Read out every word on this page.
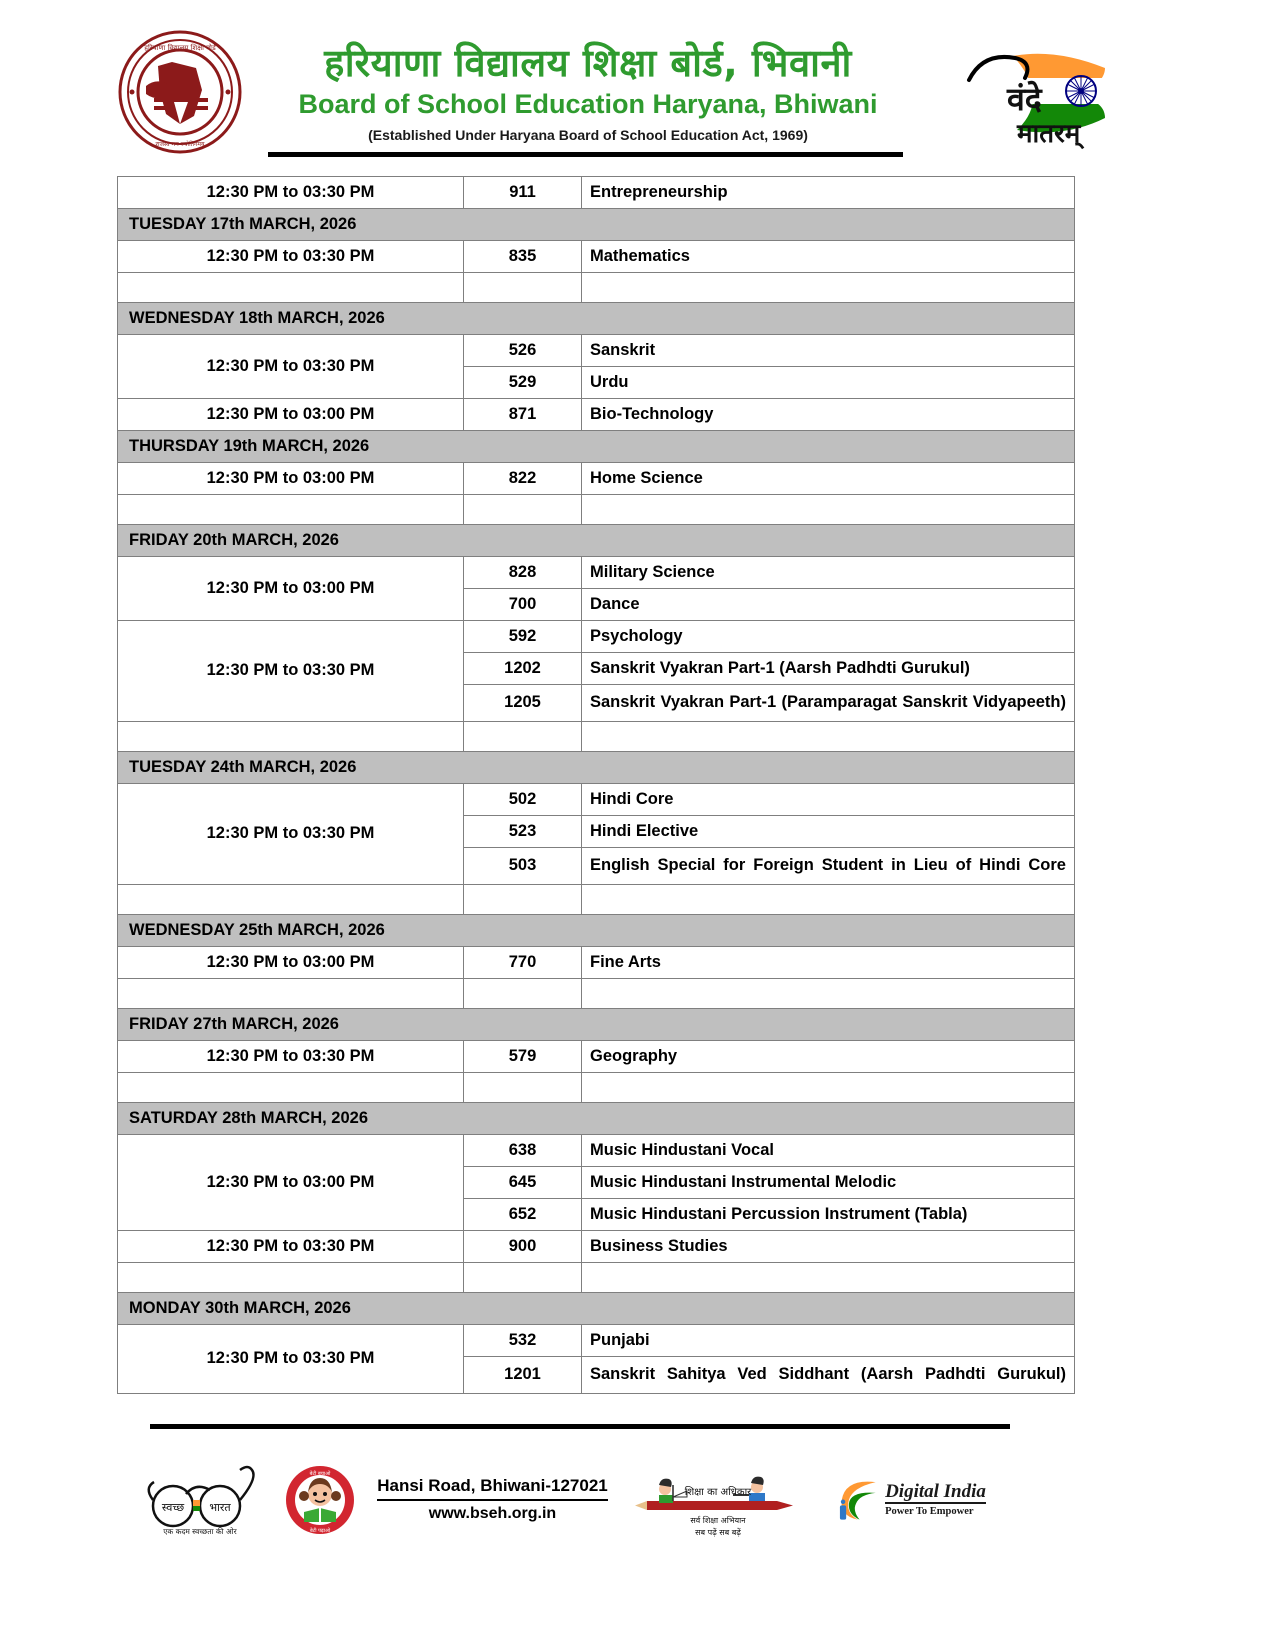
हरियाणा विद्यालय शिक्षा बोर्ड
राजस्व मम ज्योतिर्गमय
हरियाणा विद्यालय शिक्षा बोर्ड, भिवानी
Board of School Education Haryana, Bhiwani
(Established Under Haryana Board of School Education Act, 1969)
वंदे
मातरम्
12:30 PM to 03:30 PM	911	Entrepreneurship
TUESDAY 17th MARCH, 2026		
12:30 PM to 03:30 PM	835	Mathematics

WEDNESDAY 18th MARCH, 2026		
12:30 PM to 03:30 PM	526	Sanskrit
	529	Urdu
12:30 PM to 03:00 PM	871	Bio-Technology
THURSDAY 19th MARCH, 2026		
12:30 PM to 03:00 PM	822	Home Science

FRIDAY 20th MARCH, 2026		
12:30 PM to 03:00 PM	828	Military Science
	700	Dance
12:30 PM to 03:30 PM	592	Psychology
	1202	Sanskrit Vyakran Part-1 (Aarsh Padhdti Gurukul)
	1205	Sanskrit Vyakran Part-1 (Paramparagat Sanskrit Vidyapeeth)

TUESDAY 24th MARCH, 2026		
12:30 PM to 03:30 PM	502	Hindi Core
	523	Hindi Elective
	503	English Special for Foreign Student in Lieu of Hindi Core

WEDNESDAY 25th MARCH, 2026		
12:30 PM to 03:00 PM	770	Fine Arts

FRIDAY 27th MARCH, 2026		
12:30 PM to 03:30 PM	579	Geography

SATURDAY 28th MARCH, 2026		
12:30 PM to 03:00 PM	638	Music Hindustani Vocal
	645	Music Hindustani Instrumental Melodic
	652	Music Hindustani Percussion Instrument (Tabla)
12:30 PM to 03:30 PM	900	Business Studies

MONDAY 30th MARCH, 2026		
12:30 PM to 03:30 PM	532	Punjabi
	1201	Sanskrit Sahitya Ved Siddhant (Aarsh Padhdti Gurukul)
स्वच्छ भारत
एक कदम स्वच्छता की ओर
बेटी बचाओ
बेटी पढ़ाओ
Hansi Road, Bhiwani-127021
www.bseh.org.in
शिक्षा का अधिकार
सर्व शिक्षा अभियान
सब पढ़ें सब बढ़ें
Digital India
Power To Empower
